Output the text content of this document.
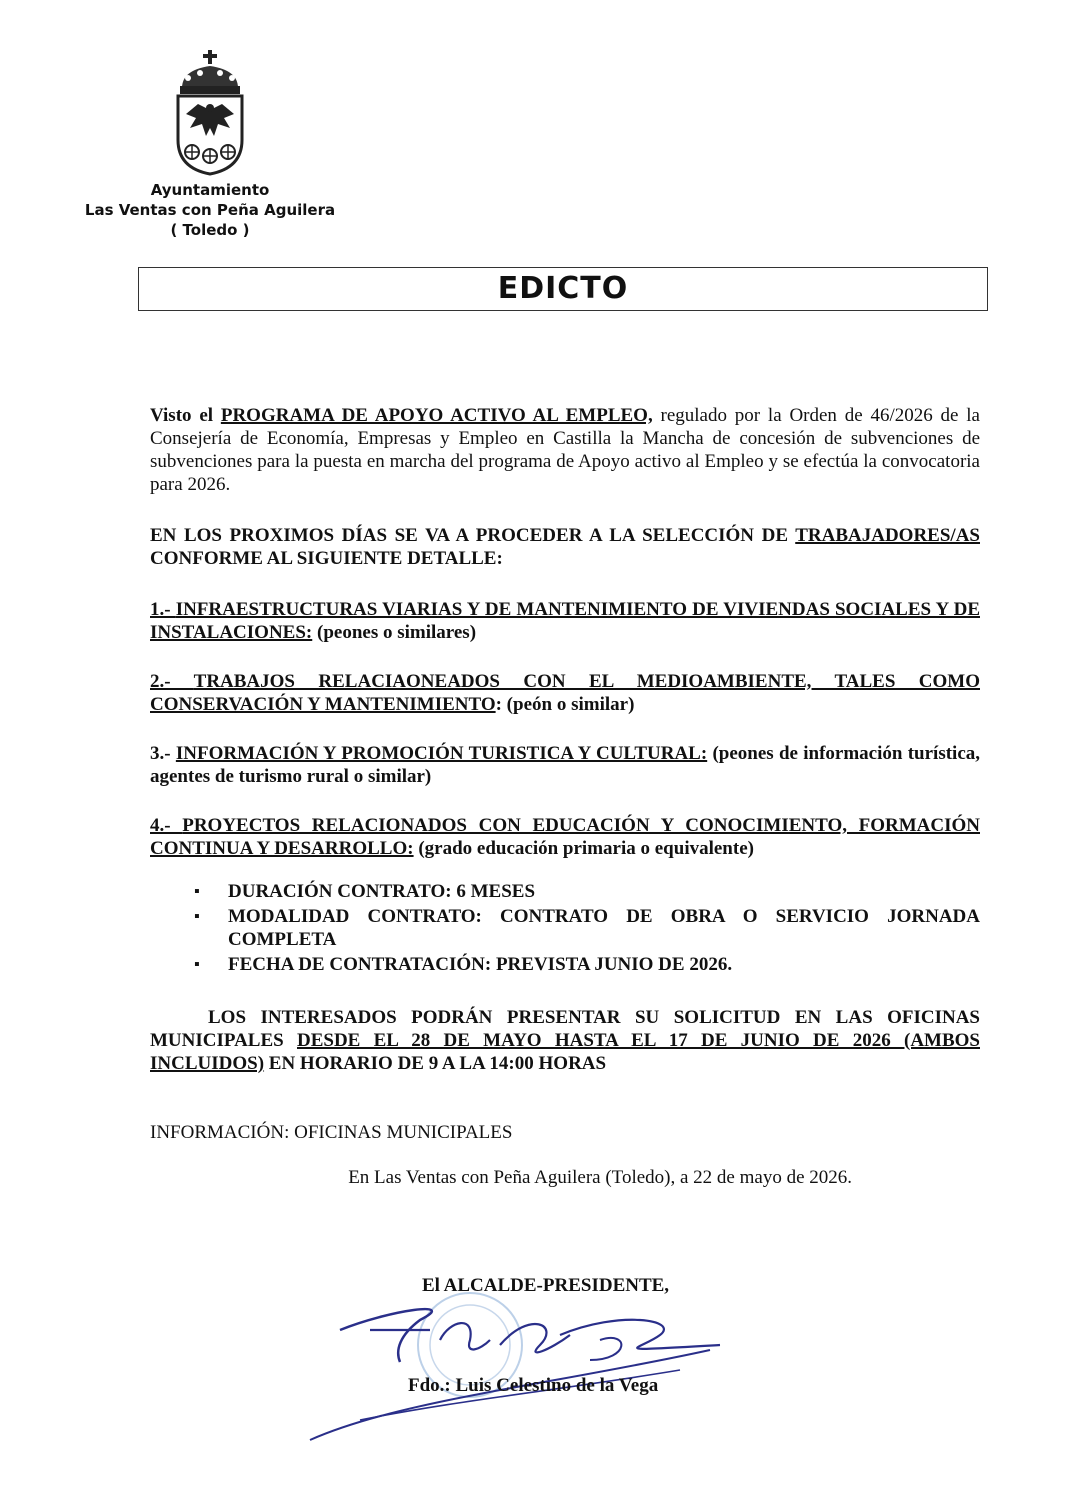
Ayuntamiento
Las Ventas con Peña Aguilera
( Toledo )
EDICTO

Visto el PROGRAMA DE APOYO ACTIVO AL EMPLEO, regulado por la Orden de 46/2026 de la Consejería de Economía, Empresas y Empleo en Castilla la Mancha de concesión de subvenciones de subvenciones para la puesta en marcha del programa de Apoyo activo al Empleo y se efectúa la convocatoria para 2026.

EN LOS PROXIMOS DÍAS SE VA A PROCEDER A LA SELECCIÓN DE TRABAJADORES/AS CONFORME AL SIGUIENTE DETALLE:

1.- INFRAESTRUCTURAS VIARIAS Y DE MANTENIMIENTO DE VIVIENDAS SOCIALES Y DE INSTALACIONES: (peones o similares)

2.- TRABAJOS RELACIAONEADOS CON EL MEDIOAMBIENTE, TALES COMO CONSERVACIÓN Y MANTENIMIENTO: (peón o similar)

3.- INFORMACIÓN Y PROMOCIÓN TURISTICA Y CULTURAL: (peones de información turística, agentes de turismo rural o similar)

4.- PROYECTOS RELACIONADOS CON EDUCACIÓN Y CONOCIMIENTO, FORMACIÓN CONTINUA Y DESARROLLO: (grado educación primaria o equivalente)

▪ DURACIÓN CONTRATO: 6 MESES
▪ MODALIDAD CONTRATO: CONTRATO DE OBRA O SERVICIO JORNADA COMPLETA
▪ FECHA DE CONTRATACIÓN: PREVISTA JUNIO DE 2026.

LOS INTERESADOS PODRÁN PRESENTAR SU SOLICITUD EN LAS OFICINAS MUNICIPALES DESDE EL 28 DE MAYO HASTA EL 17 DE JUNIO DE 2026 (AMBOS INCLUIDOS) EN HORARIO DE 9 A LA 14:00 HORAS

INFORMACIÓN: OFICINAS MUNICIPALES

En Las Ventas con Peña Aguilera (Toledo), a 22 de mayo de 2026.

El ALCALDE-PRESIDENTE,
Fdo.: Luis Celestino de la Vega
